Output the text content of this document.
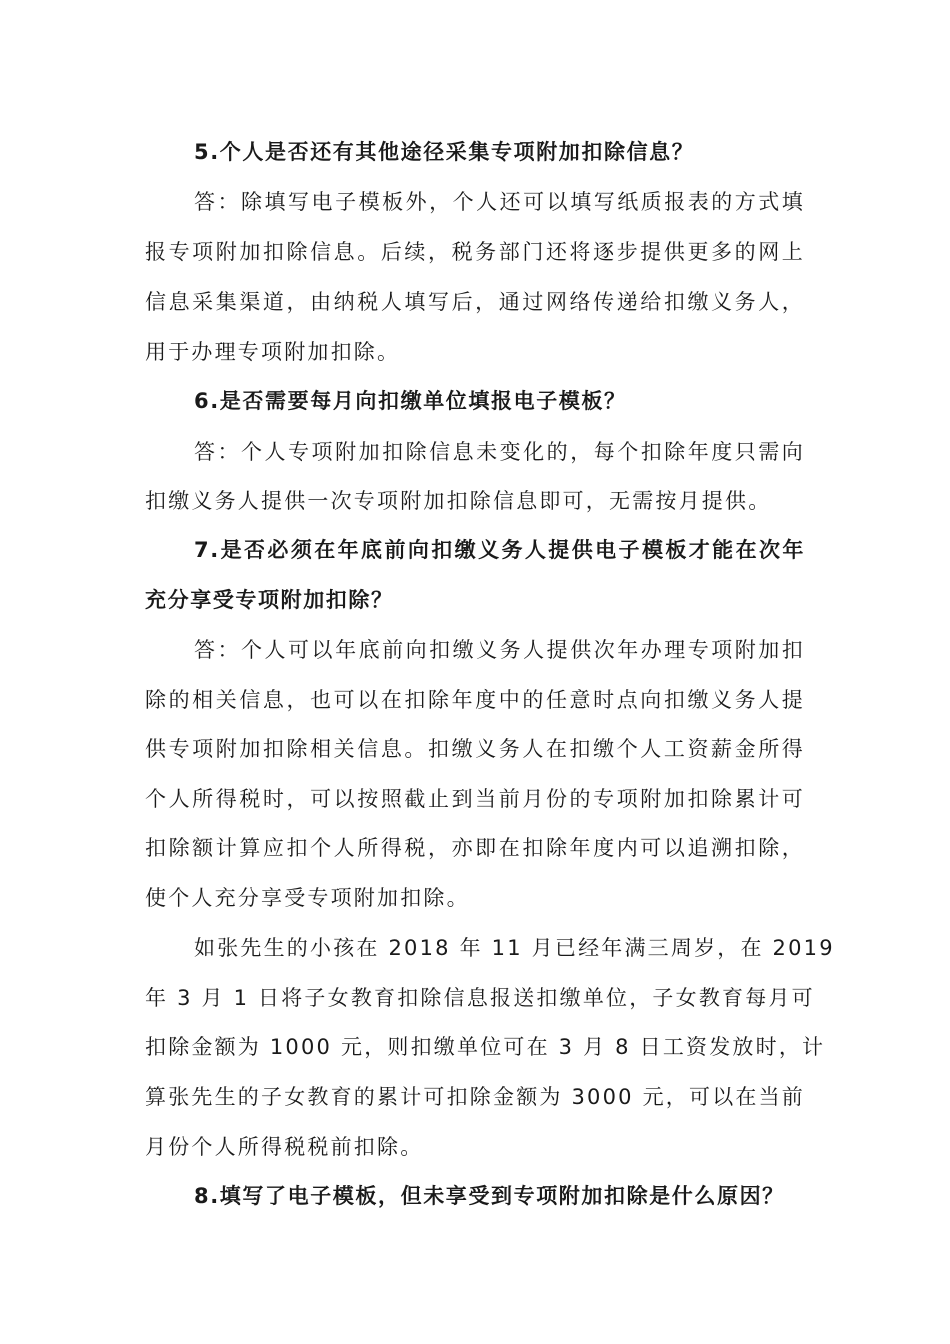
5.个人是否还有其他途径采集专项附加扣除信息？
答：除填写电子模板外，个人还可以填写纸质报表的方式填
报专项附加扣除信息。后续，税务部门还将逐步提供更多的网上
信息采集渠道，由纳税人填写后，通过网络传递给扣缴义务人，
用于办理专项附加扣除。
6.是否需要每月向扣缴单位填报电子模板？
答：个人专项附加扣除信息未变化的，每个扣除年度只需向
扣缴义务人提供一次专项附加扣除信息即可，无需按月提供。
7.是否必须在年底前向扣缴义务人提供电子模板才能在次年
充分享受专项附加扣除？
答：个人可以年底前向扣缴义务人提供次年办理专项附加扣
除的相关信息，也可以在扣除年度中的任意时点向扣缴义务人提
供专项附加扣除相关信息。扣缴义务人在扣缴个人工资薪金所得
个人所得税时，可以按照截止到当前月份的专项附加扣除累计可
扣除额计算应扣个人所得税，亦即在扣除年度内可以追溯扣除，
使个人充分享受专项附加扣除。
如张先生的小孩在 2018 年 11 月已经年满三周岁，在 2019
年 3 月 1 日将子女教育扣除信息报送扣缴单位，子女教育每月可
扣除金额为 1000 元，则扣缴单位可在 3 月 8 日工资发放时，计
算张先生的子女教育的累计可扣除金额为 3000 元，可以在当前
月份个人所得税税前扣除。
8.填写了电子模板，但未享受到专项附加扣除是什么原因？
